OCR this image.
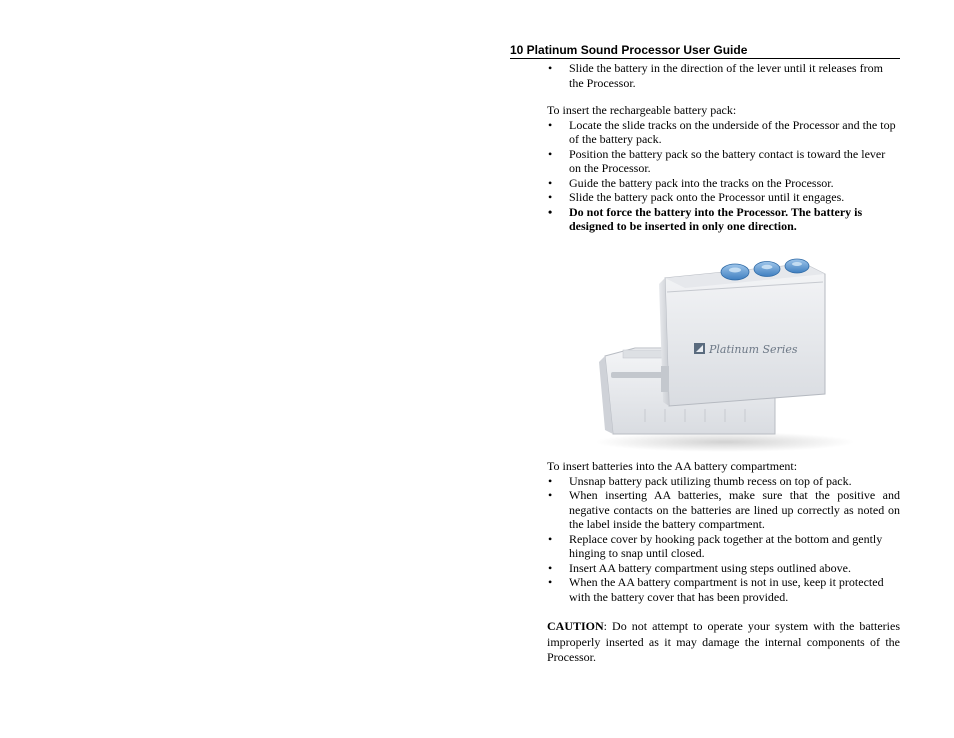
10 Platinum Sound Processor User Guide
• Slide the battery in the direction of the lever until it releases from the Processor.

To insert the rechargeable battery pack:

• Locate the slide tracks on the underside of the Processor and the top of the battery pack.
• Position the battery pack so the battery contact is toward the lever on the Processor.
• Guide the battery pack into the tracks on the Processor.
• Slide the battery pack onto the Processor until it engages.
• Do not force the battery into the Processor. The battery is designed to be inserted in only one direction.
Platinum Series

To insert batteries into the AA battery compartment:

• Unsnap battery pack utilizing thumb recess on top of pack.
• When inserting AA batteries, make sure that the positive and negative contacts on the batteries are lined up correctly as noted on the label inside the battery compartment.
• Replace cover by hooking pack together at the bottom and gently hinging to snap until closed.
• Insert AA battery compartment using steps outlined above.
• When the AA battery compartment is not in use, keep it protected with the battery cover that has been provided.
CAUTION: Do not attempt to operate your system with the batteries improperly inserted as it may damage the internal components of the Processor.
